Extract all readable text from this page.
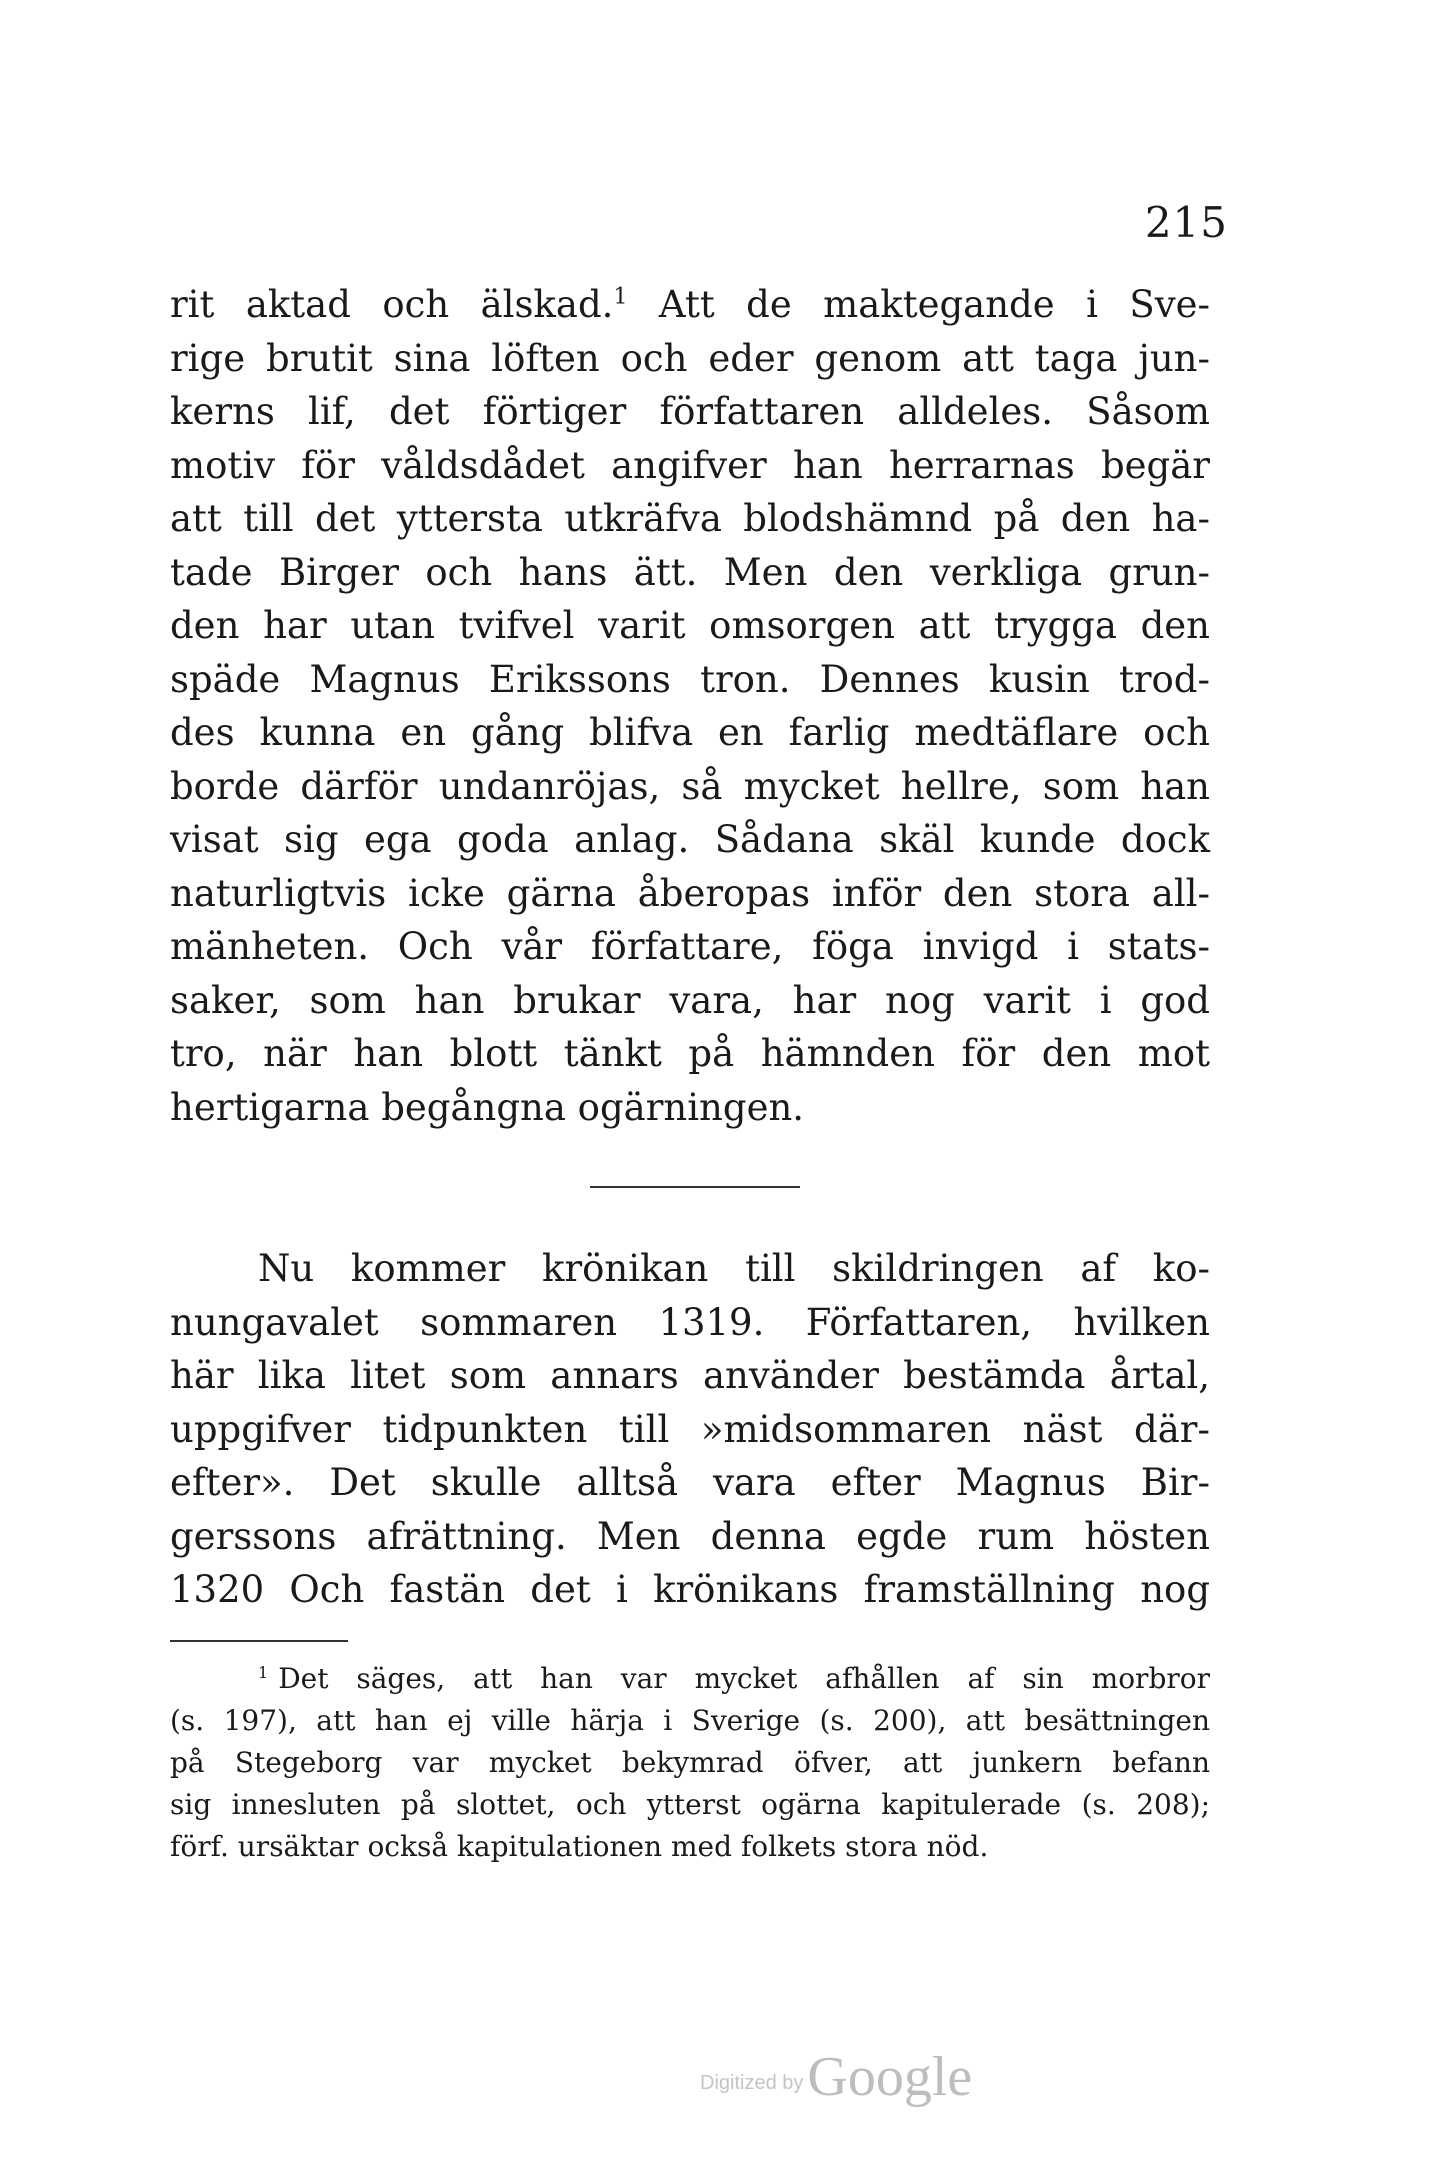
215
rit aktad och älskad.$^1$ Att de maktegande i Sve-
rige brutit sina löften och eder genom att taga jun-
kerns lif, det förtiger författaren alldeles. Såsom
motiv för våldsdådet angifver han herrarnas begär
att till det yttersta utkräfva blodshämnd på den ha-
tade Birger och hans ätt. Men den verkliga grun-
den har utan tvifvel varit omsorgen att trygga den
späde Magnus Erikssons tron. Dennes kusin trod-
des kunna en gång blifva en farlig medtäflare och
borde därför undanröjas, så mycket hellre, som han
visat sig ega goda anlag. Sådana skäl kunde dock
naturligtvis icke gärna åberopas inför den stora all-
mänheten. Och vår författare, föga invigd i stats-
saker, som han brukar vara, har nog varit i god
tro, när han blott tänkt på hämnden för den mot
hertigarna begångna ogärningen.
Nu kommer krönikan till skildringen af ko-
nungavalet sommaren 1319. Författaren, hvilken
här lika litet som annars använder bestämda årtal,
uppgifver tidpunkten till »midsommaren näst där-
efter». Det skulle alltså vara efter Magnus Bir-
gerssons afrättning. Men denna egde rum hösten
1320 Och fastän det i krönikans framställning nog
$^1$ Det säges, att han var mycket afhållen af sin morbror
(s. 197), att han ej ville härja i Sverige (s. 200), att besättningen
på Stegeborg var mycket bekymrad öfver, att junkern befann
sig innesluten på slottet, och ytterst ogärna kapitulerade (s. 208);
förf. ursäktar också kapitulationen med folkets stora nöd.
Digitized byGoogle
